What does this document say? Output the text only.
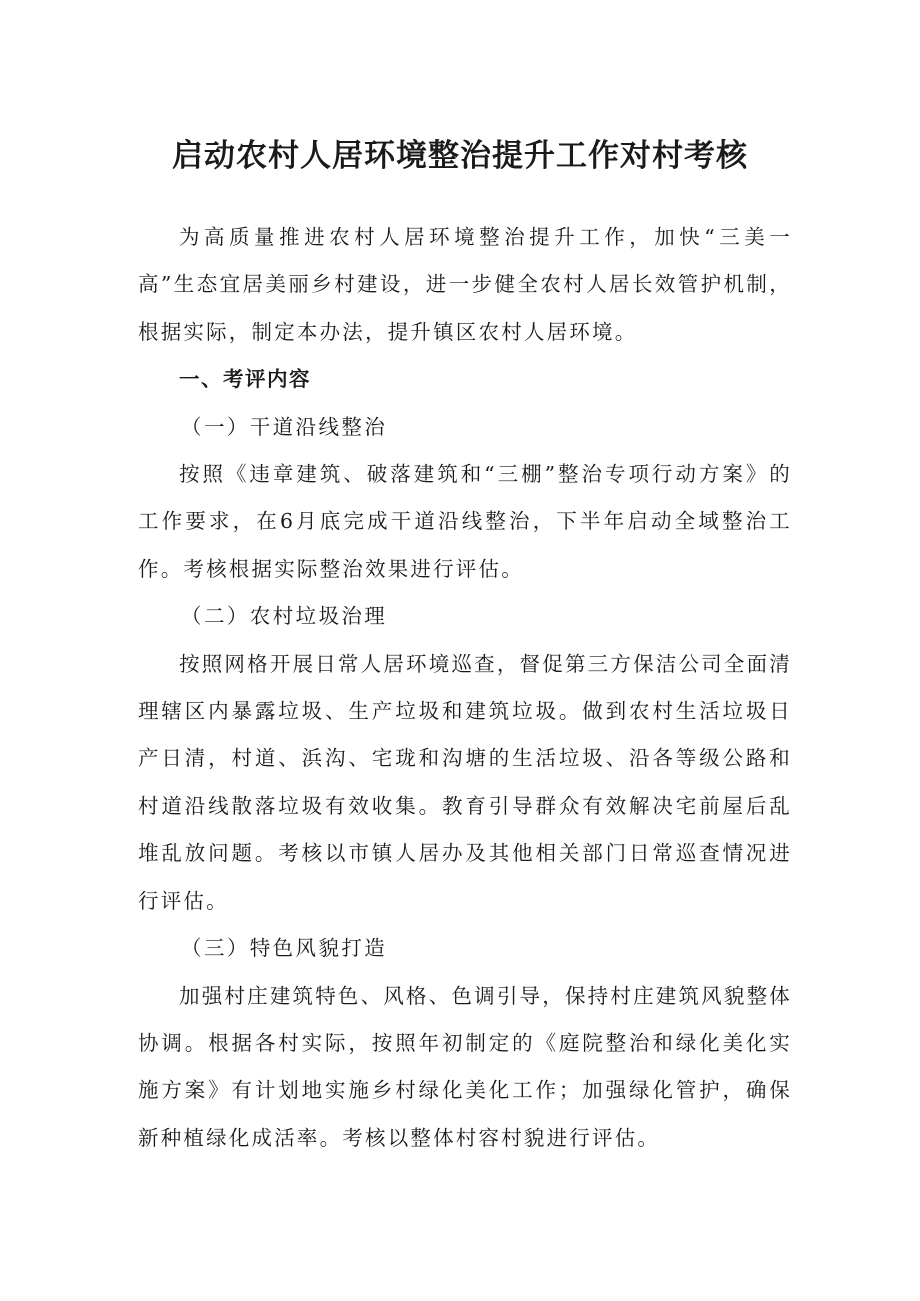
启动农村人居环境整治提升工作对村考核

为高质量推进农村人居环境整治提升工作，加快“三美一高”生态宜居美丽乡村建设，进一步健全农村人居长效管护机制，根据实际，制定本办法，提升镇区农村人居环境。

一、考评内容

（一）干道沿线整治

按照《违章建筑、破落建筑和“三棚”整治专项行动方案》的工作要求，在6月底完成干道沿线整治，下半年启动全域整治工作。考核根据实际整治效果进行评估。

（二）农村垃圾治理

按照网格开展日常人居环境巡查，督促第三方保洁公司全面清理辖区内暴露垃圾、生产垃圾和建筑垃圾。做到农村生活垃圾日产日清，村道、浜沟、宅珑和沟塘的生活垃圾、沿各等级公路和村道沿线散落垃圾有效收集。教育引导群众有效解决宅前屋后乱堆乱放问题。考核以市镇人居办及其他相关部门日常巡查情况进行评估。

（三）特色风貌打造

加强村庄建筑特色、风格、色调引导，保持村庄建筑风貌整体协调。根据各村实际，按照年初制定的《庭院整治和绿化美化实施方案》有计划地实施乡村绿化美化工作；加强绿化管护，确保新种植绿化成活率。考核以整体村容村貌进行评估。
